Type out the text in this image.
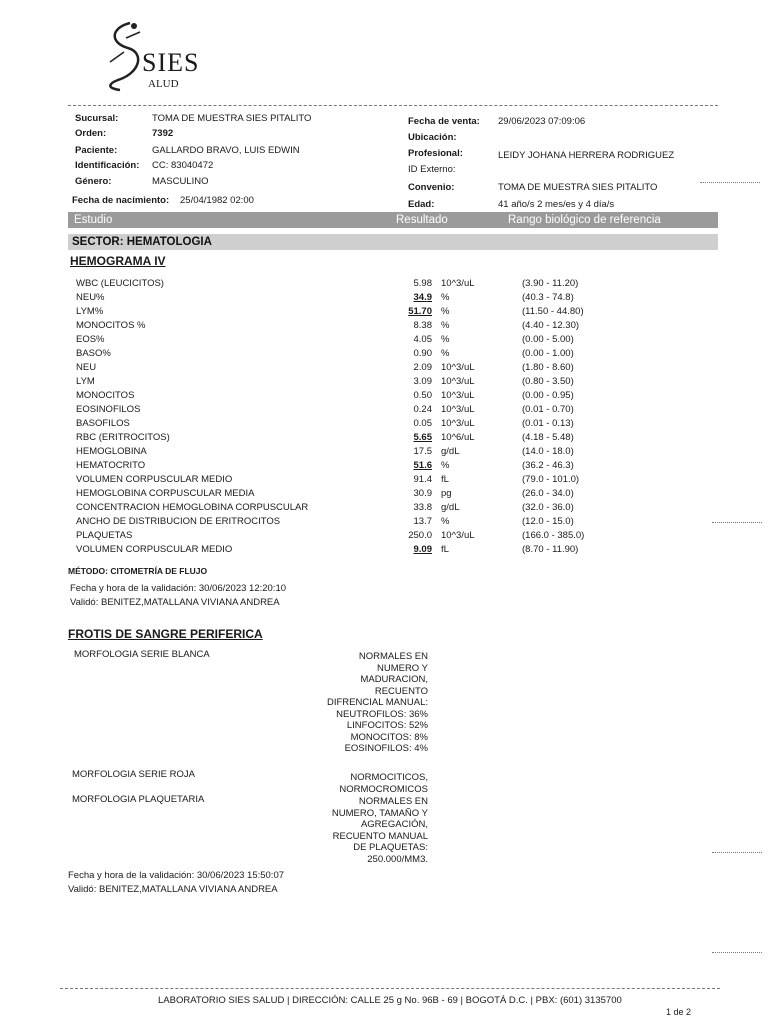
SIES
ALUD
Sucursal:	TOMA DE MUESTRA SIES PITALITO
Orden:	7392
Paciente:	GALLARDO BRAVO, LUIS EDWIN
Identificación: CC: 83040472
Género:	MASCULINO
Fecha de nacimiento: 25/04/1982 02:00
Fecha de venta: 29/06/2023 07:09:06
Ubicación:
Profesional:	LEIDY JOHANA HERRERA RODRIGUEZ
ID Externo:
Convenio:	TOMA DE MUESTRA SIES PITALITO
Edad:	41 año/s 2 mes/es y 4 día/s
Estudio	Resultado	Rango biológico de referencia
SECTOR: HEMATOLOGIA
HEMOGRAMA IV
WBC (LEUCICITOS)	5.98 10^3/uL	(3.90 - 11.20)
NEU%	34.9 %	(40.3 - 74.8)
LYM%	51.70 %	(11.50 - 44.80)
MONOCITOS %	8.38 %	(4.40 - 12.30)
EOS%	4.05 %	(0.00 - 5.00)
BASO%	0.90 %	(0.00 - 1.00)
NEU	2.09 10^3/uL	(1.80 - 8.60)
LYM	3.09 10^3/uL	(0.80 - 3.50)
MONOCITOS	0.50 10^3/uL	(0.00 - 0.95)
EOSINOFILOS	0.24 10^3/uL	(0.01 - 0.70)
BASOFILOS	0.05 10^3/uL	(0.01 - 0.13)
RBC (ERITROCITOS)	5.65 10^6/uL	(4.18 - 5.48)
HEMOGLOBINA	17.5 g/dL	(14.0 - 18.0)
HEMATOCRITO	51.6 %	(36.2 - 46.3)
VOLUMEN CORPUSCULAR MEDIO	91.4 fL	(79.0 - 101.0)
HEMOGLOBINA CORPUSCULAR MEDIA	30.9 pg	(26.0 - 34.0)
CONCENTRACION HEMOGLOBINA CORPUSCULAR	33.8 g/dL	(32.0 - 36.0)
ANCHO DE DISTRIBUCION DE ERITROCITOS	13.7 %	(12.0 - 15.0)
PLAQUETAS	250.0 10^3/uL	(166.0 - 385.0)
VOLUMEN CORPUSCULAR MEDIO	9.09 fL	(8.70 - 11.90)
MÉTODO: CITOMETRÍA DE FLUJO
Fecha y hora de la validación: 30/06/2023 12:20:10
Validó: BENITEZ,MATALLANA VIVIANA ANDREA
FROTIS DE SANGRE PERIFERICA
MORFOLOGIA SERIE BLANCA	NORMALES EN
NUMERO Y
MADURACION,
RECUENTO
DIFRENCIAL MANUAL:
NEUTROFILOS: 36%
LINFOCITOS: 52%
MONOCITOS: 8%
EOSINOFILOS: 4%
MORFOLOGIA SERIE ROJA	NORMOCITICOS,
NORMOCROMICOS
MORFOLOGIA PLAQUETARIA	NORMALES EN
NUMERO, TAMAÑO Y
AGREGACIÓN,
RECUENTO MANUAL
DE PLAQUETAS:
250.000/MM3.
Fecha y hora de la validación: 30/06/2023 15:50:07
Validó: BENITEZ,MATALLANA VIVIANA ANDREA
LABORATORIO SIES SALUD | DIRECCIÓN: CALLE 25 g No. 96B - 69 | BOGOTÁ D.C. | PBX: (601) 3135700
1 de 2
